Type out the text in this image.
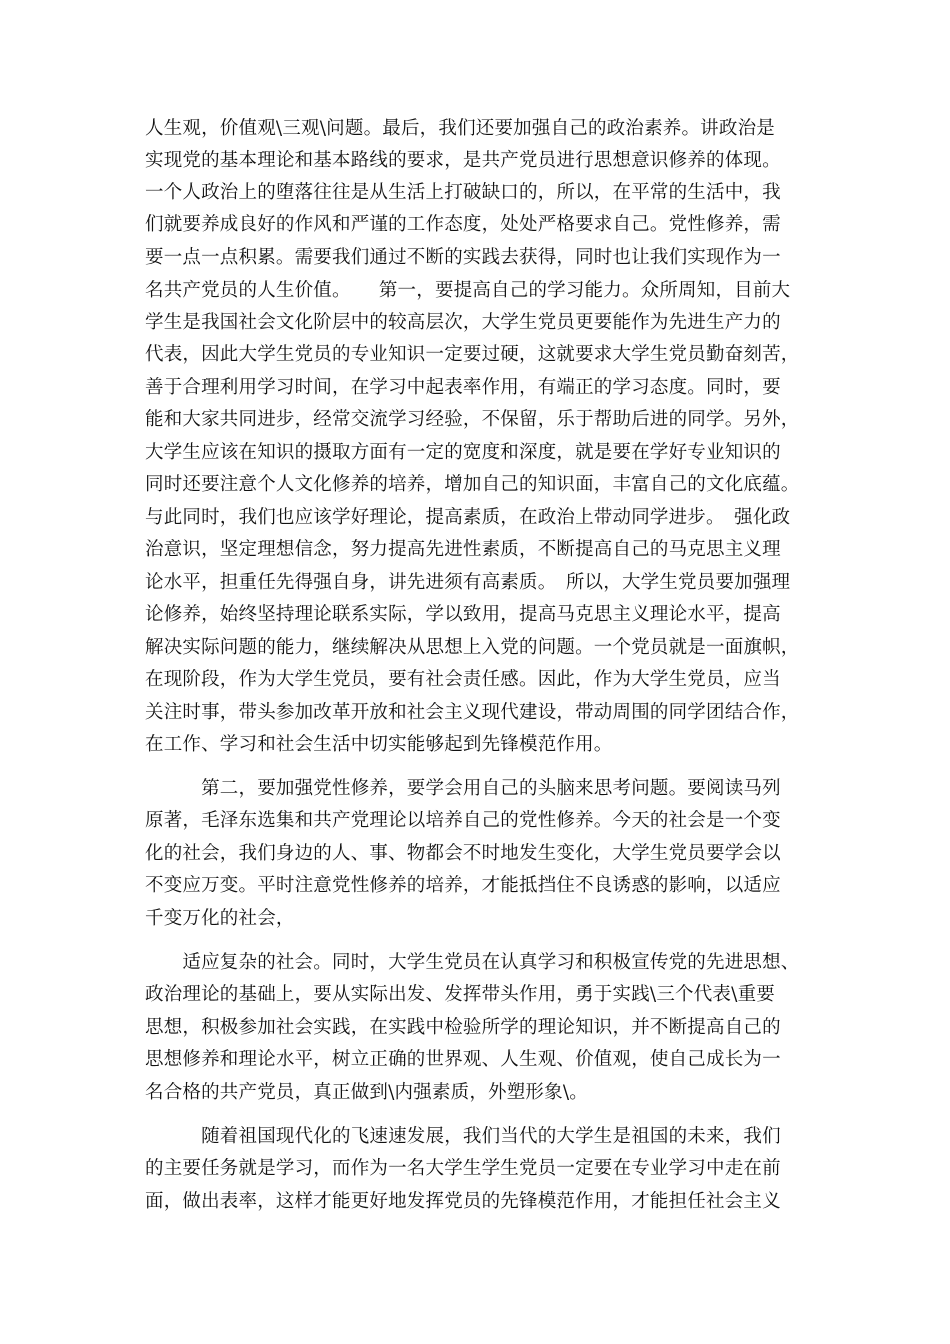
人生观，价值观\三观\问题。最后，我们还要加强自己的政治素养。讲政治是
实现党的基本理论和基本路线的要求，是共产党员进行思想意识修养的体现。
一个人政治上的堕落往往是从生活上打破缺口的，所以，在平常的生活中，我
们就要养成良好的作风和严谨的工作态度，处处严格要求自己。党性修养，需
要一点一点积累。需要我们通过不断的实践去获得，同时也让我们实现作为一
名共产党员的人生价值。　　第一，要提高自己的学习能力。众所周知，目前大
学生是我国社会文化阶层中的较高层次，大学生党员更要能作为先进生产力的
代表，因此大学生党员的专业知识一定要过硬，这就要求大学生党员勤奋刻苦，
善于合理利用学习时间，在学习中起表率作用，有端正的学习态度。同时，要
能和大家共同进步，经常交流学习经验，不保留，乐于帮助后进的同学。另外，
大学生应该在知识的摄取方面有一定的宽度和深度，就是要在学好专业知识的
同时还要注意个人文化修养的培养，增加自己的知识面，丰富自己的文化底蕴。
与此同时，我们也应该学好理论，提高素质，在政治上带动同学进步。　强化政
治意识，坚定理想信念，努力提高先进性素质，不断提高自己的马克思主义理
论水平，担重任先得强自身，讲先进须有高素质。　所以，大学生党员要加强理
论修养，始终坚持理论联系实际，学以致用，提高马克思主义理论水平，提高
解决实际问题的能力，继续解决从思想上入党的问题。一个党员就是一面旗帜，
在现阶段，作为大学生党员，要有社会责任感。因此，作为大学生党员，应当
关注时事，带头参加改革开放和社会主义现代建设，带动周围的同学团结合作，
在工作、学习和社会生活中切实能够起到先锋模范作用。
　　　第二，要加强党性修养，要学会用自己的头脑来思考问题。要阅读马列
原著，毛泽东选集和共产党理论以培养自己的党性修养。今天的社会是一个变
化的社会，我们身边的人、事、物都会不时地发生变化，大学生党员要学会以
不变应万变。平时注意党性修养的培养，才能抵挡住不良诱惑的影响，以适应
千变万化的社会，
　　适应复杂的社会。同时，大学生党员在认真学习和积极宣传党的先进思想、
政治理论的基础上，要从实际出发、发挥带头作用，勇于实践\三个代表\重要
思想，积极参加社会实践，在实践中检验所学的理论知识，并不断提高自己的
思想修养和理论水平，树立正确的世界观、人生观、价值观，使自己成长为一
名合格的共产党员，真正做到\内强素质，外塑形象\。
　　　随着祖国现代化的飞速速发展，我们当代的大学生是祖国的未来，我们
的主要任务就是学习，而作为一名大学生学生党员一定要在专业学习中走在前
面，做出表率，这样才能更好地发挥党员的先锋模范作用，才能担任社会主义
